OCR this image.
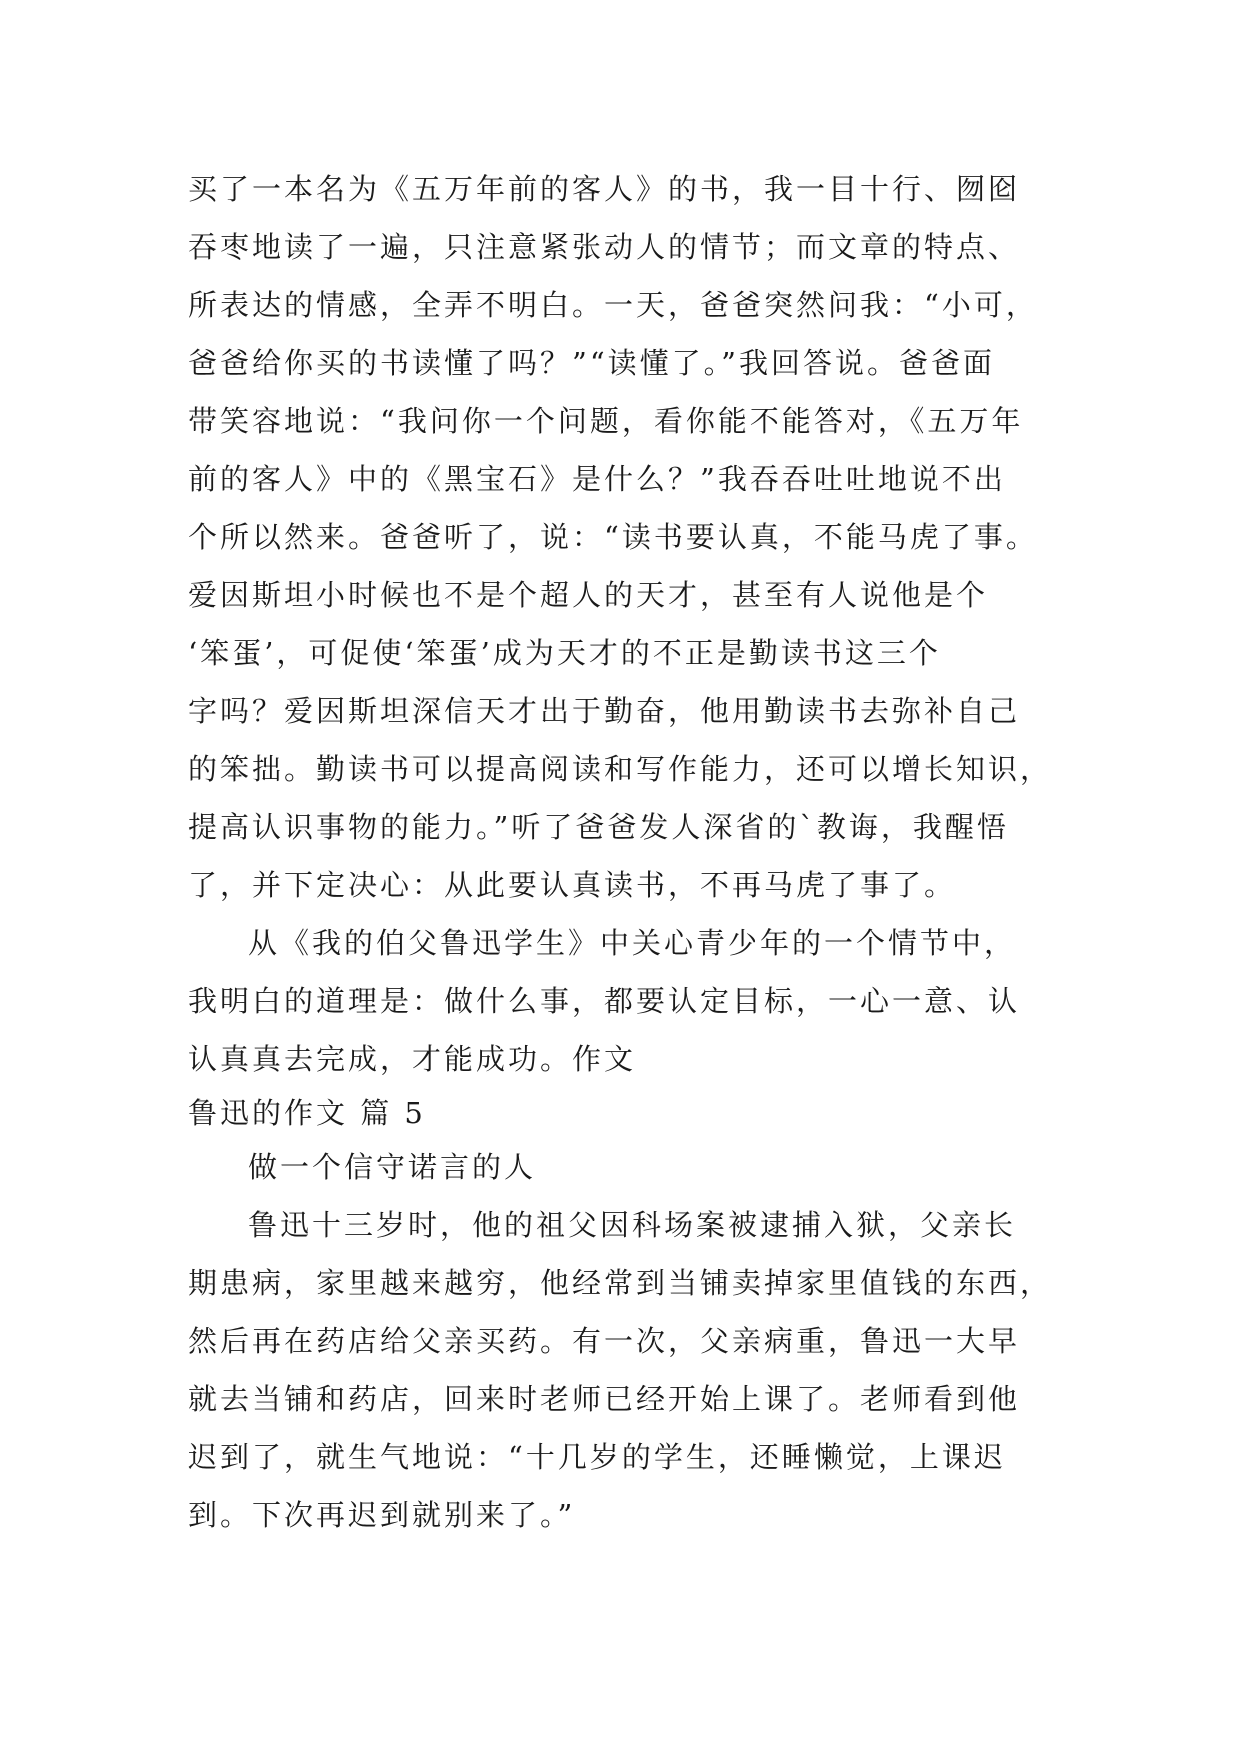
买了一本名为《五万年前的客人》的书，我一目十行、囫囵
吞枣地读了一遍，只注意紧张动人的情节；而文章的特点、
所表达的情感，全弄不明白。一天，爸爸突然问我：“小可，
爸爸给你买的书读懂了吗？”“读懂了。”我回答说。爸爸面
带笑容地说：“我问你一个问题，看你能不能答对，《五万年
前的客人》中的《黑宝石》是什么？”我吞吞吐吐地说不出
个所以然来。爸爸听了，说：“读书要认真，不能马虎了事。
爱因斯坦小时候也不是个超人的天才，甚至有人说他是个
‘笨蛋’，可促使‘笨蛋’成为天才的不正是勤读书这三个
字吗？爱因斯坦深信天才出于勤奋，他用勤读书去弥补自己
的笨拙。勤读书可以提高阅读和写作能力，还可以增长知识，
提高认识事物的能力。”听了爸爸发人深省的`教诲，我醒悟
了，并下定决心：从此要认真读书，不再马虎了事了。
从《我的伯父鲁迅学生》中关心青少年的一个情节中，
我明白的道理是：做什么事，都要认定目标，一心一意、认
认真真去完成，才能成功。作文
鲁迅的作文 篇 5
做一个信守诺言的人
鲁迅十三岁时，他的祖父因科场案被逮捕入狱，父亲长
期患病，家里越来越穷，他经常到当铺卖掉家里值钱的东西，
然后再在药店给父亲买药。有一次，父亲病重，鲁迅一大早
就去当铺和药店，回来时老师已经开始上课了。老师看到他
迟到了，就生气地说：“十几岁的学生，还睡懒觉，上课迟
到。下次再迟到就别来了。”
